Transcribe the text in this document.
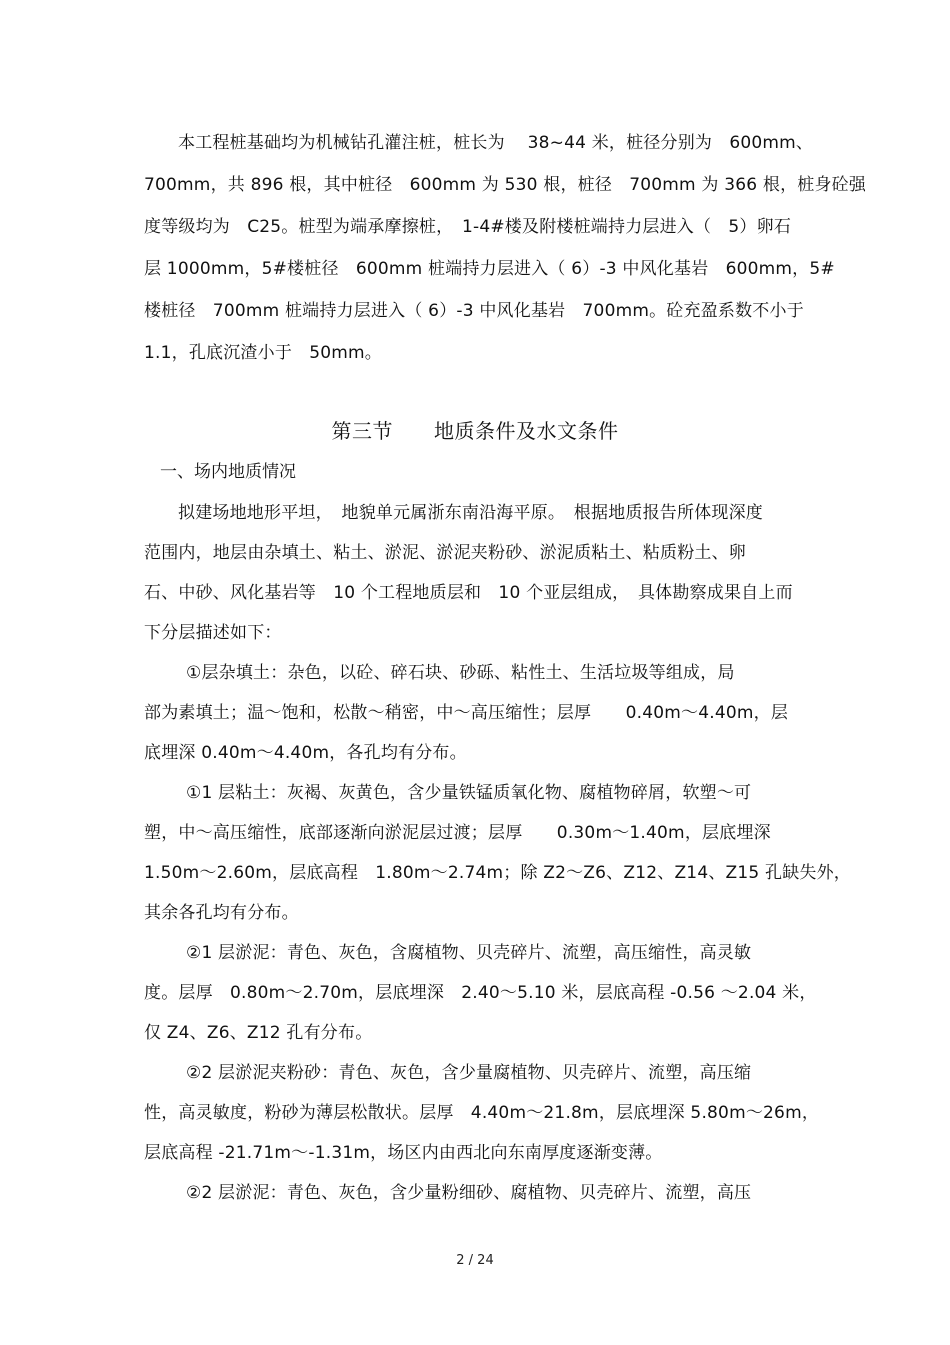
本工程桩基础均为机械钻孔灌注桩，桩长为　 38~44 米，桩径分别为　600mm、
700mm，共 896 根，其中桩径　600mm 为 530 根，桩径　700mm 为 366 根，桩身砼强
度等级均为　C25。桩型为端承摩擦桩，　1-4#楼及附楼桩端持力层进入（　5）卵石
层 1000mm，5#楼桩径　600mm 桩端持力层进入（ 6）-3 中风化基岩　600mm，5#
楼桩径　700mm 桩端持力层进入（ 6）-3 中风化基岩　700mm。砼充盈系数不小于
1.1，孔底沉渣小于　50mm。
第三节　　地质条件及水文条件
一、场内地质情况
拟建场地地形平坦，　地貌单元属浙东南沿海平原。　根据地质报告所体现深度
范围内，地层由杂填土、粘土、淤泥、淤泥夹粉砂、淤泥质粘土、粘质粉土、卵
石、中砂、风化基岩等　10 个工程地质层和　10 个亚层组成，　具体勘察成果自上而
下分层描述如下：
①层杂填土：杂色，以砼、碎石块、砂砾、粘性土、生活垃圾等组成，局
部为素填土；温～饱和，松散～稍密，中～高压缩性；层厚　　0.40m～4.40m，层
底埋深 0.40m～4.40m，各孔均有分布。
①1 层粘土：灰褐、灰黄色，含少量铁锰质氧化物、腐植物碎屑，软塑～可
塑，中～高压缩性，底部逐渐向淤泥层过渡；层厚　　0.30m～1.40m，层底埋深
1.50m～2.60m，层底高程　1.80m～2.74m；除 Z2～Z6、Z12、Z14、Z15 孔缺失外，
其余各孔均有分布。
②1 层淤泥：青色、灰色，含腐植物、贝壳碎片、流塑，高压缩性，高灵敏
度。层厚　0.80m～2.70m，层底埋深　2.40～5.10 米，层底高程 -0.56 ～2.04 米，
仅 Z4、Z6、Z12 孔有分布。
②2 层淤泥夹粉砂：青色、灰色，含少量腐植物、贝壳碎片、流塑，高压缩
性，高灵敏度，粉砂为薄层松散状。层厚　4.40m～21.8m，层底埋深 5.80m～26m，
层底高程 -21.71m～-1.31m，场区内由西北向东南厚度逐渐变薄。
②2 层淤泥：青色、灰色，含少量粉细砂、腐植物、贝壳碎片、流塑，高压
2 / 24
